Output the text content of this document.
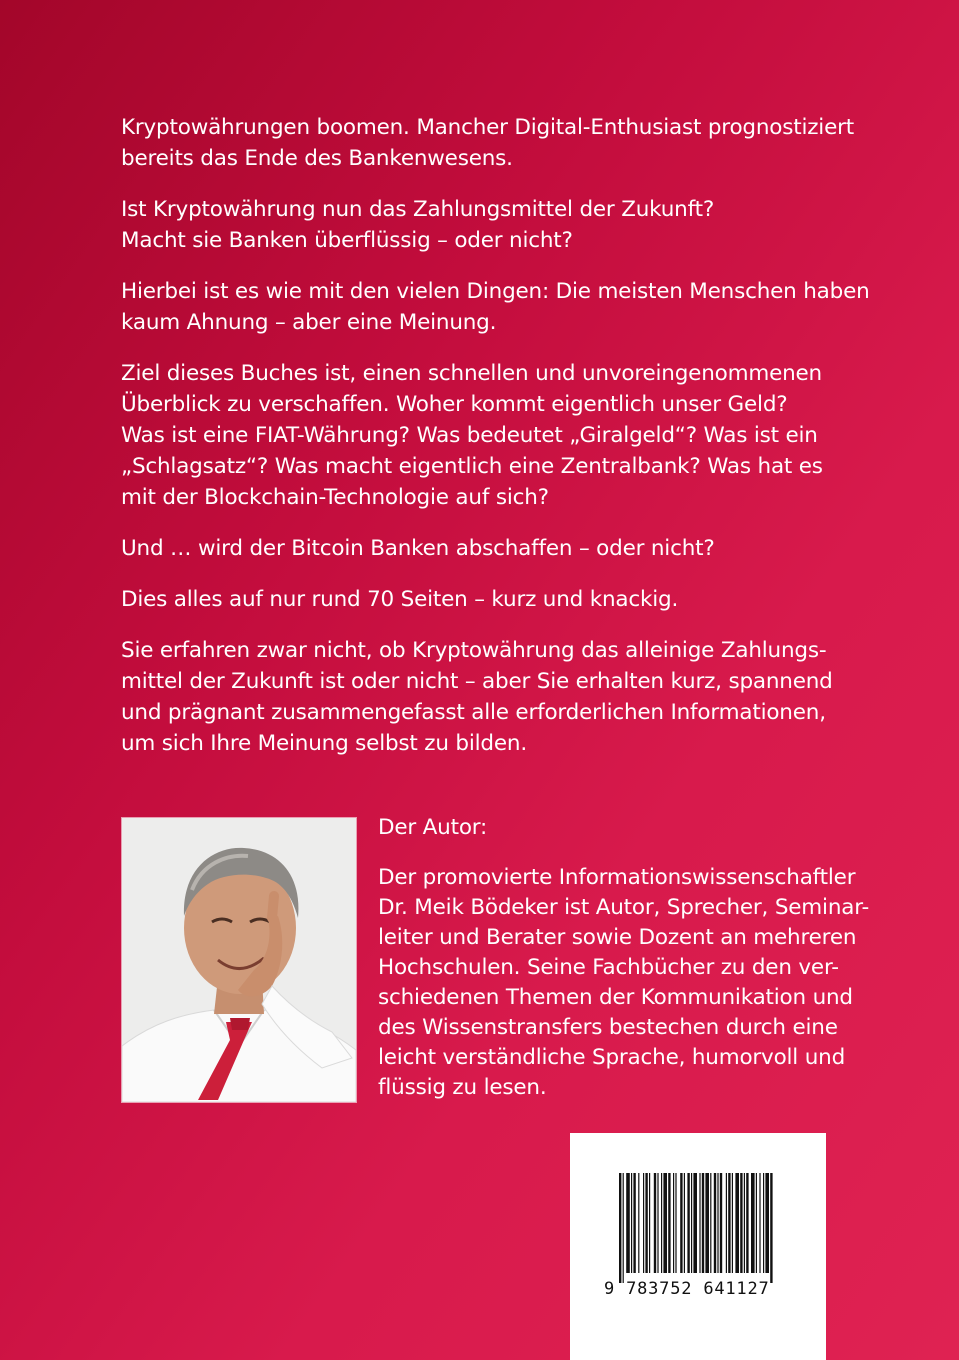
Kryptowährungen boomen. Mancher Digital-Enthusiast prognostiziert
bereits das Ende des Bankenwesens.

Ist Kryptowährung nun das Zahlungsmittel der Zukunft?
Macht sie Banken überflüssig – oder nicht?

Hierbei ist es wie mit den vielen Dingen: Die meisten Menschen haben
kaum Ahnung – aber eine Meinung.

Ziel dieses Buches ist, einen schnellen und unvoreingenommenen
Überblick zu verschaffen. Woher kommt eigentlich unser Geld?
Was ist eine FIAT-Währung? Was bedeutet „Giralgeld“? Was ist ein
„Schlagsatz“? Was macht eigentlich eine Zentralbank? Was hat es
mit der Blockchain-Technologie auf sich?

Und … wird der Bitcoin Banken abschaffen – oder nicht?

Dies alles auf nur rund 70 Seiten – kurz und knackig.

Sie erfahren zwar nicht, ob Kryptowährung das alleinige Zahlungs-
mittel der Zukunft ist oder nicht – aber Sie erhalten kurz, spannend
und prägnant zusammengefasst alle erforderlichen Informationen,
um sich Ihre Meinung selbst zu bilden.

Der Autor:

Der promovierte Informationswissenschaftler
Dr. Meik Bödeker ist Autor, Sprecher, Seminar-
leiter und Berater sowie Dozent an mehreren
Hochschulen. Seine Fachbücher zu den ver-
schiedenen Themen der Kommunikation und
des Wissenstransfers bestechen durch eine
leicht verständliche Sprache, humorvoll und
flüssig zu lesen.
9 783752 641127
